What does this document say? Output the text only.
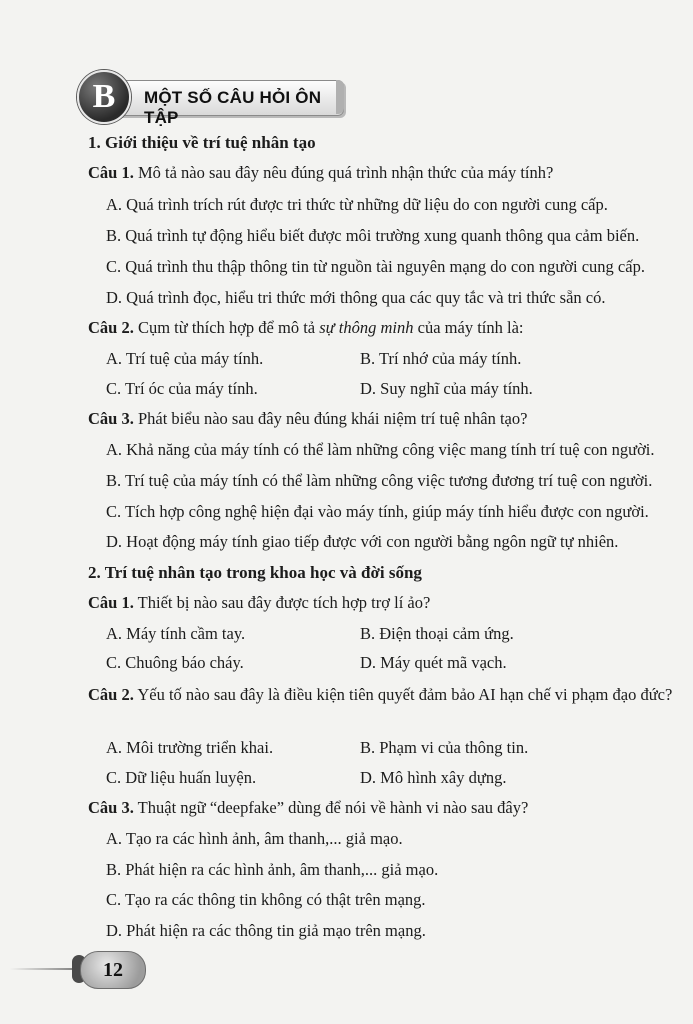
MỘT SỐ CÂU HỎI ÔN TẬP
B
1. Giới thiệu về trí tuệ nhân tạo
Câu 1. Mô tả nào sau đây nêu đúng quá trình nhận thức của máy tính?
A. Quá trình trích rút được tri thức từ những dữ liệu do con người cung cấp.
B. Quá trình tự động hiểu biết được môi trường xung quanh thông qua cảm biến.
C. Quá trình thu thập thông tin từ nguồn tài nguyên mạng do con người cung cấp.
D. Quá trình đọc, hiểu tri thức mới thông qua các quy tắc và tri thức sẵn có.
Câu 2. Cụm từ thích hợp để mô tả sự thông minh của máy tính là:
A. Trí tuệ của máy tính.	B. Trí nhớ của máy tính.
C. Trí óc của máy tính.	D. Suy nghĩ của máy tính.
Câu 3. Phát biểu nào sau đây nêu đúng khái niệm trí tuệ nhân tạo?
A. Khả năng của máy tính có thể làm những công việc mang tính trí tuệ con người.
B. Trí tuệ của máy tính có thể làm những công việc tương đương trí tuệ con người.
C. Tích hợp công nghệ hiện đại vào máy tính, giúp máy tính hiểu được con người.
D. Hoạt động máy tính giao tiếp được với con người bằng ngôn ngữ tự nhiên.
2. Trí tuệ nhân tạo trong khoa học và đời sống
Câu 1. Thiết bị nào sau đây được tích hợp trợ lí ảo?
A. Máy tính cầm tay.	B. Điện thoại cảm ứng.
C. Chuông báo cháy.	D. Máy quét mã vạch.
Câu 2. Yếu tố nào sau đây là điều kiện tiên quyết đảm bảo AI hạn chế vi phạm đạo đức?
A. Môi trường triển khai.	B. Phạm vi của thông tin.
C. Dữ liệu huấn luyện.	D. Mô hình xây dựng.
Câu 3. Thuật ngữ “deepfake” dùng để nói về hành vi nào sau đây?
A. Tạo ra các hình ảnh, âm thanh,... giả mạo.
B. Phát hiện ra các hình ảnh, âm thanh,... giả mạo.
C. Tạo ra các thông tin không có thật trên mạng.
D. Phát hiện ra các thông tin giả mạo trên mạng.
12
